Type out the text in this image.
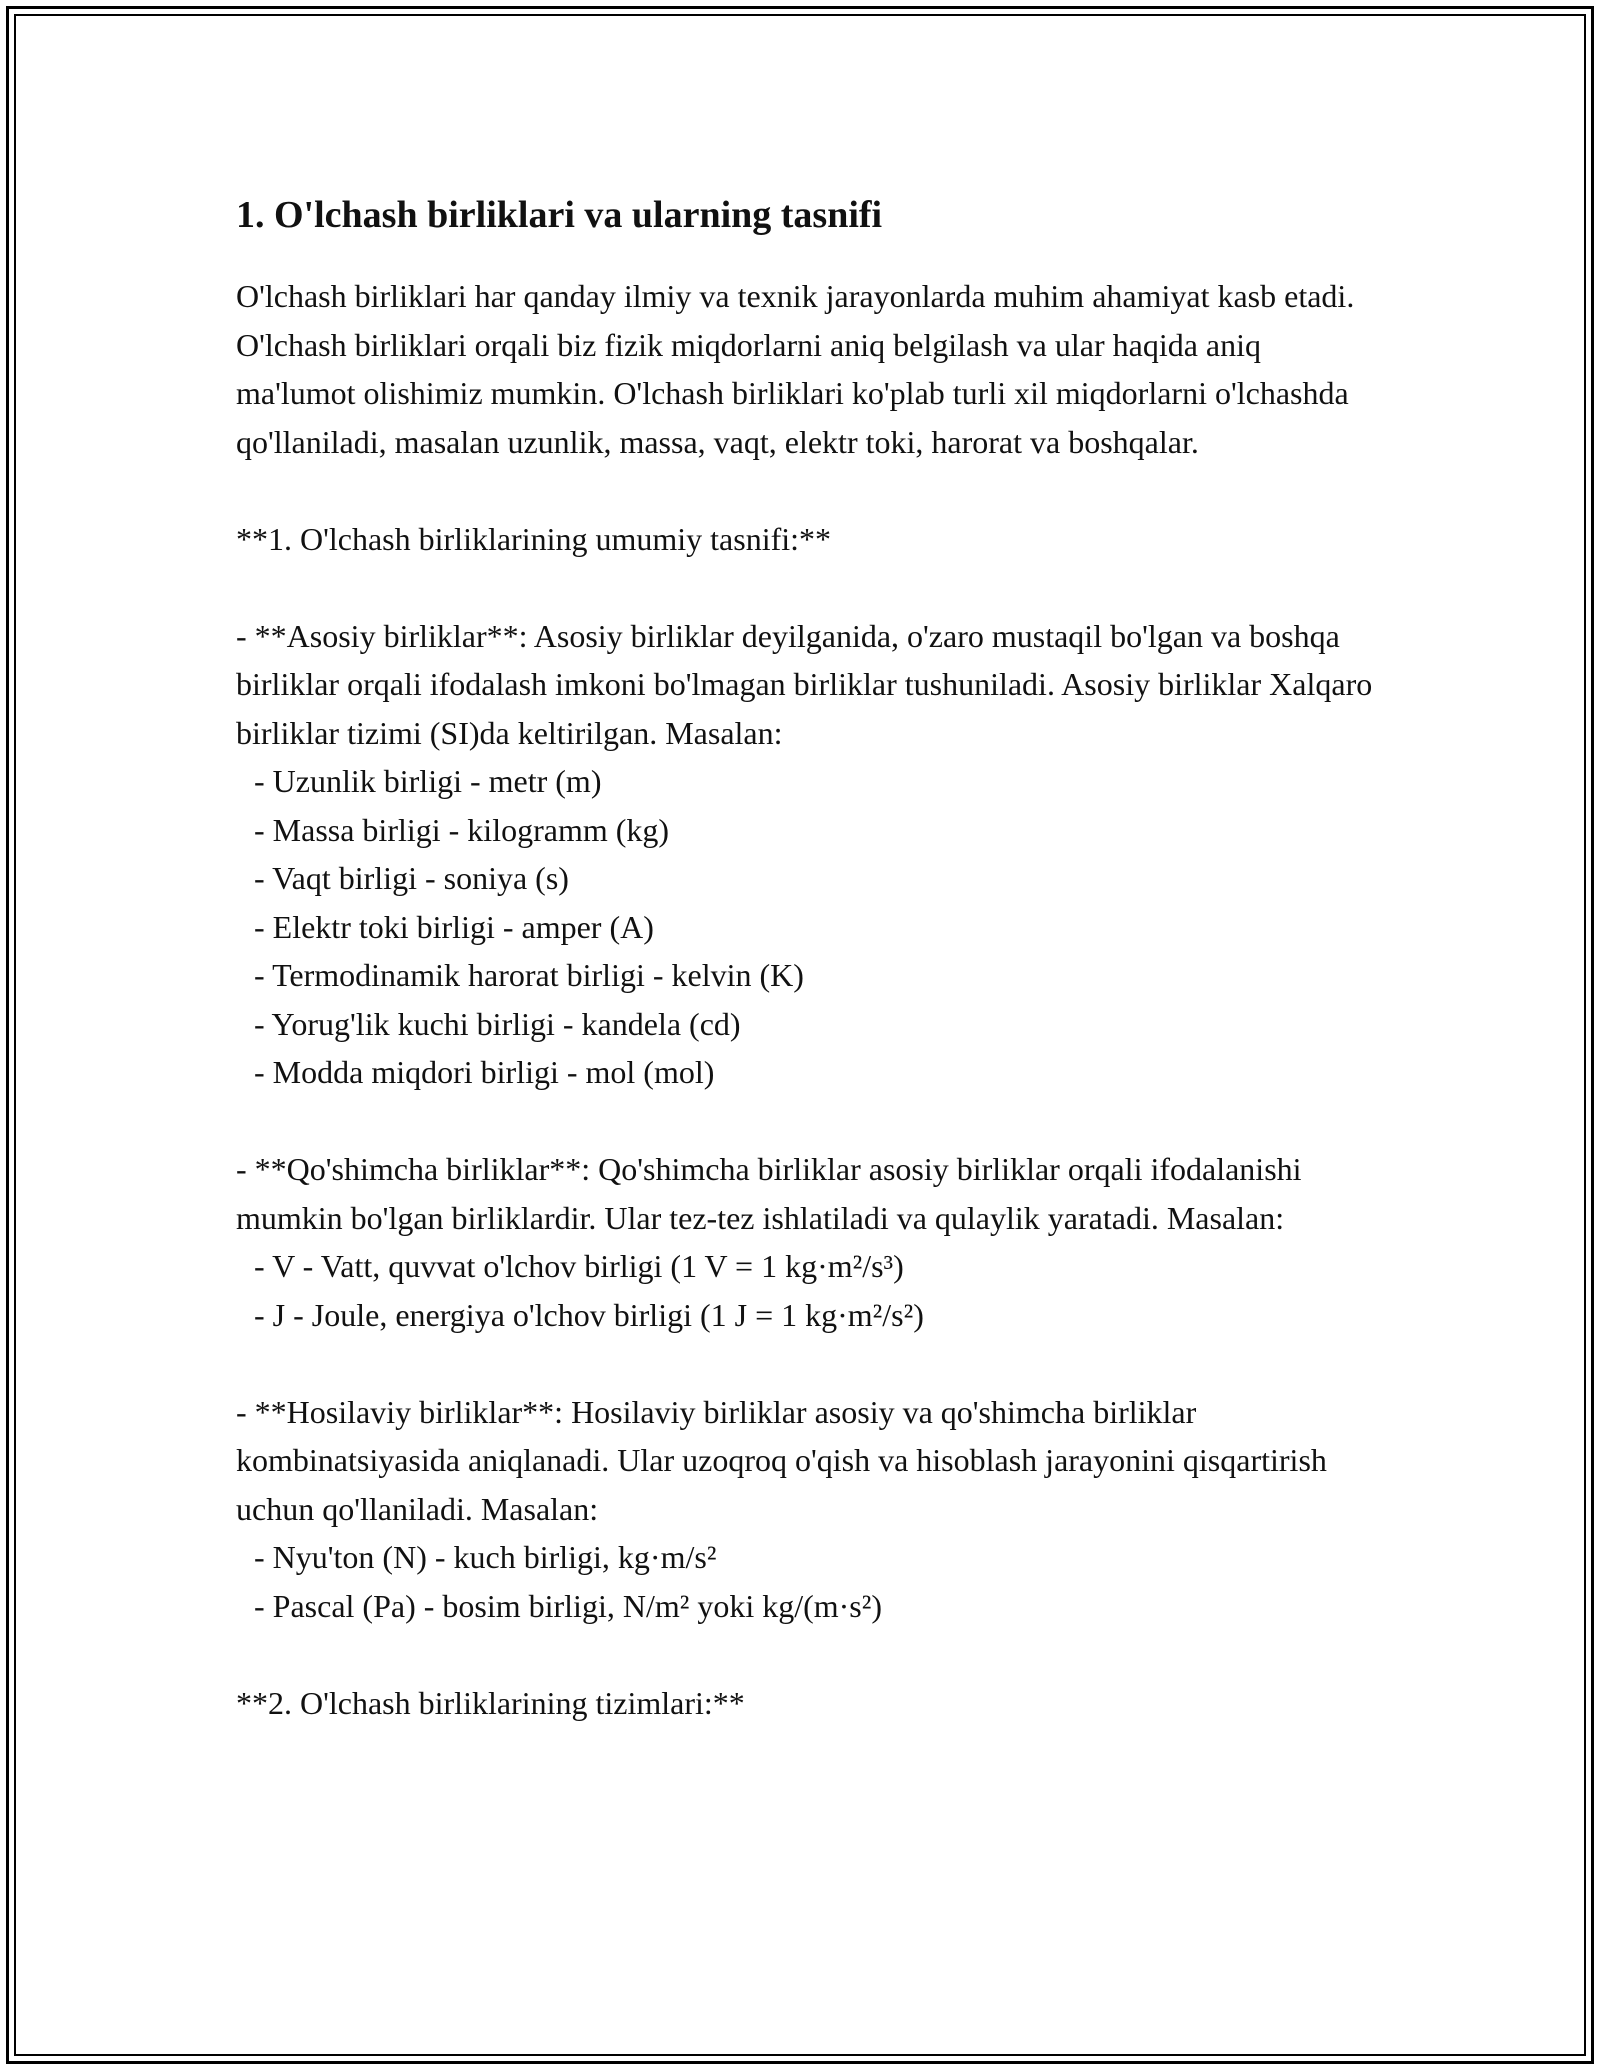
1. O'lchash birliklari va ularning tasnifi

O'lchash birliklari har qanday ilmiy va texnik jarayonlarda muhim ahamiyat kasb etadi. O'lchash birliklari orqali biz fizik miqdorlarni aniq belgilash va ular haqida aniq ma'lumot olishimiz mumkin. O'lchash birliklari ko'plab turli xil miqdorlarni o'lchashda qo'llaniladi, masalan uzunlik, massa, vaqt, elektr toki, harorat va boshqalar.

**1. O'lchash birliklarining umumiy tasnifi:**

- **Asosiy birliklar**: Asosiy birliklar deyilganida, o'zaro mustaqil bo'lgan va boshqa birliklar orqali ifodalash imkoni bo'lmagan birliklar tushuniladi. Asosiy birliklar Xalqaro birliklar tizimi (SI)da keltirilgan. Masalan:

- Uzunlik birligi - metr (m)

- Massa birligi - kilogramm (kg)

- Vaqt birligi - soniya (s)

- Elektr toki birligi - amper (A)

- Termodinamik harorat birligi - kelvin (K)

- Yorug'lik kuchi birligi - kandela (cd)

- Modda miqdori birligi - mol (mol)

- **Qo'shimcha birliklar**: Qo'shimcha birliklar asosiy birliklar orqali ifodalanishi mumkin bo'lgan birliklardir. Ular tez-tez ishlatiladi va qulaylik yaratadi. Masalan:

- V - Vatt, quvvat o'lchov birligi (1 V = 1 kg·m²/s³)

- J - Joule, energiya o'lchov birligi (1 J = 1 kg·m²/s²)

- **Hosilaviy birliklar**: Hosilaviy birliklar asosiy va qo'shimcha birliklar kombinatsiyasida aniqlanadi. Ular uzoqroq o'qish va hisoblash jarayonini qisqartirish uchun qo'llaniladi. Masalan:

- Nyu'ton (N) - kuch birligi, kg·m/s²

- Pascal (Pa) - bosim birligi, N/m² yoki kg/(m·s²)

**2. O'lchash birliklarining tizimlari:**
